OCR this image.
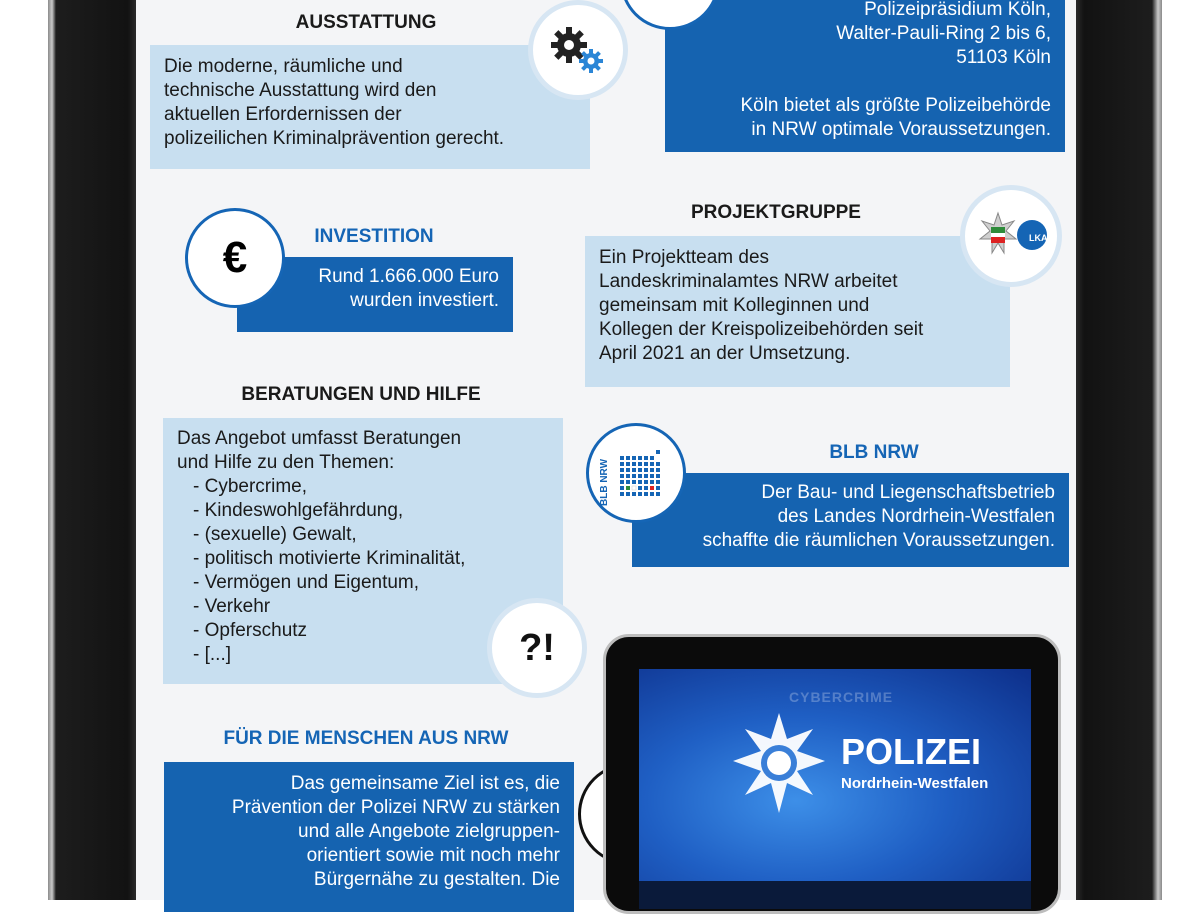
AUSSTATTUNG
Die moderne, räumliche und
technische Ausstattung wird den
aktuellen Erfordernissen der
polizeilichen Kriminalprävention gerecht.
Polizeipräsidium Köln,
Walter-Pauli-Ring 2 bis 6,
51103 Köln
Köln bietet als größte Polizeibehörde
in NRW optimale Voraussetzungen.
INVESTITION
Rund 1.666.000 Euro
wurden investiert.
€
PROJEKTGRUPPE
Ein Projektteam des
Landeskriminalamtes NRW arbeitet
gemeinsam mit Kolleginnen und
Kollegen der Kreispolizeibehörden seit
April 2021 an der Umsetzung.
LKA
BERATUNGEN UND HILFE
Das Angebot umfasst Beratungen
und Hilfe zu den Themen:
- Cybercrime,
- Kindeswohlgefährdung,
- (sexuelle) Gewalt,
- politisch motivierte Kriminalität,
- Vermögen und Eigentum,
- Verkehr
- Opferschutz
- [...]	?!
BLB NRW
Der Bau- und Liegenschaftsbetrieb
des Landes Nordrhein-Westfalen
schaffte die räumlichen Voraussetzungen.
BLB NRW
FÜR DIE MENSCHEN AUS NRW
Das gemeinsame Ziel ist es, die
Prävention der Polizei NRW zu stärken
und alle Angebote zielgruppen-
orientiert sowie mit noch mehr
Bürgernähe zu gestalten. Die
CYBERCRIME
POLIZEI
Nordrhein-Westfalen
